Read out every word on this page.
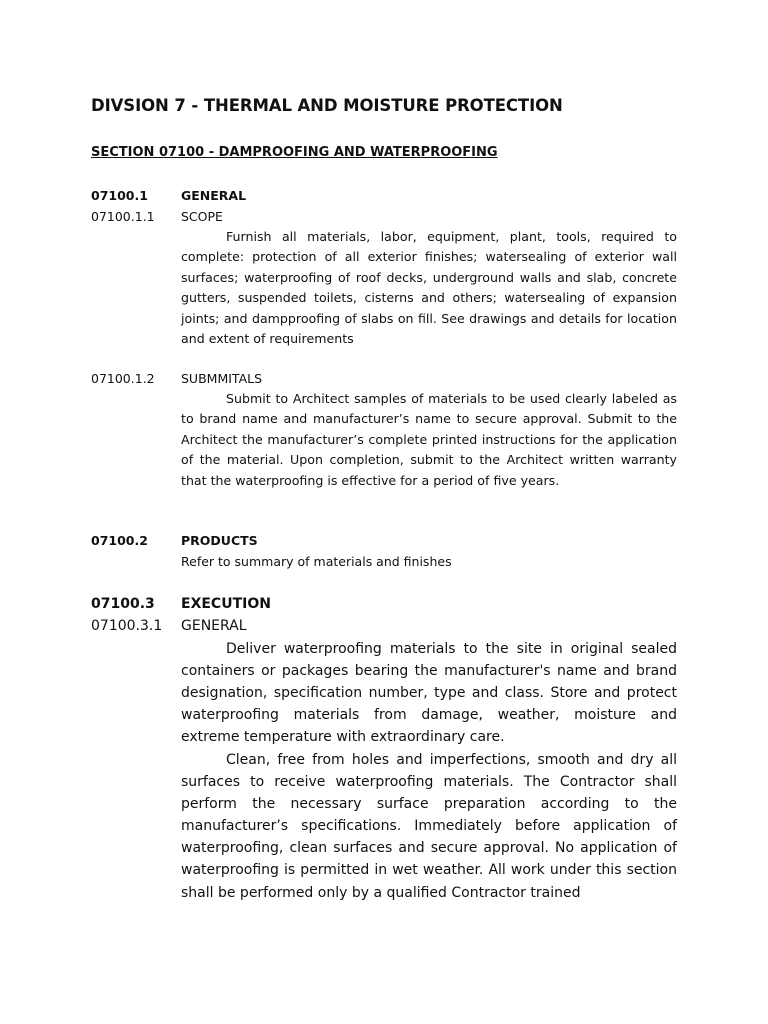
DIVSION 7 - THERMAL AND MOISTURE PROTECTION
SECTION 07100 - DAMPROOFING AND WATERPROOFING
07100.1	GENERAL
07100.1.1 SCOPE
Furnish all materials, labor, equipment, plant, tools, required to complete: protection of all exterior finishes; watersealing of exterior wall surfaces; waterproofing of roof decks, underground walls and slab, concrete gutters, suspended toilets, cisterns and others; watersealing of expansion joints; and dampproofing of slabs on fill. See drawings and details for location and extent of requirements
07100.1.2 SUBMMITALS
Submit to Architect samples of materials to be used clearly labeled as to brand name and manufacturer’s name to secure approval. Submit to the Architect the manufacturer’s complete printed instructions for the application of the material. Upon completion, submit to the Architect written warranty that the waterproofing is effective for a period of five years.
07100.2	PRODUCTS
Refer to summary of materials and finishes
07100.3 EXECUTION
07100.3.1 GENERAL
Deliver waterproofing materials to the site in original sealed containers or packages bearing the manufacturer's name and brand designation, specification number, type and class. Store and protect waterproofing materials from damage, weather, moisture and extreme temperature with extraordinary care.
Clean, free from holes and imperfections, smooth and dry all surfaces to receive waterproofing materials. The Contractor shall perform the necessary surface preparation according to the manufacturer’s specifications. Immediately before application of waterproofing, clean surfaces and secure approval. No application of waterproofing is permitted in wet weather. All work under this section shall be performed only by a qualified Contractor trained
